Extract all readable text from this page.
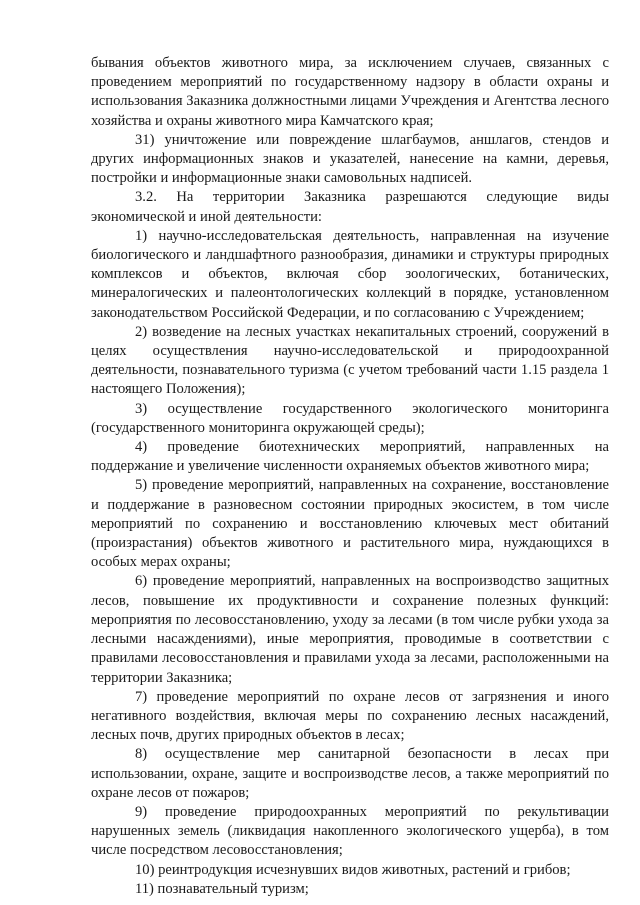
бывания объектов животного мира, за исключением случаев, связанных с проведением мероприятий по государственному надзору в области охраны и использования Заказника должностными лицами Учреждения и Агентства лесного хозяйства и охраны животного мира Камчатского края;

31) уничтожение или повреждение шлагбаумов, аншлагов, стендов и других информационных знаков и указателей, нанесение на камни, деревья, постройки и информационные знаки самовольных надписей.

3.2. На территории Заказника разрешаются следующие виды экономической и иной деятельности:

1) научно-исследовательская деятельность, направленная на изучение биологического и ландшафтного разнообразия, динамики и структуры природных комплексов и объектов, включая сбор зоологических, ботанических, минералогических и палеонтологических коллекций в порядке, установленном законодательством Российской Федерации, и по согласованию с Учреждением;

2) возведение на лесных участках некапитальных строений, сооружений в целях осуществления научно-исследовательской и природоохранной деятельности, познавательного туризма (с учетом требований части 1.15 раздела 1 настоящего Положения);

3) осуществление государственного экологического мониторинга (государственного мониторинга окружающей среды);

4) проведение биотехнических мероприятий, направленных на поддержание и увеличение численности охраняемых объектов животного мира;

5) проведение мероприятий, направленных на сохранение, восстановление и поддержание в разновесном состоянии природных экосистем, в том числе мероприятий по сохранению и восстановлению ключевых мест обитаний (произрастания) объектов животного и растительного мира, нуждающихся в особых мерах охраны;

6) проведение мероприятий, направленных на воспроизводство защитных лесов, повышение их продуктивности и сохранение полезных функций: мероприятия по лесовосстановлению, уходу за лесами (в том числе рубки ухода за лесными насаждениями), иные мероприятия, проводимые в соответствии с правилами лесовосстановления и правилами ухода за лесами, расположенными на территории Заказника;

7) проведение мероприятий по охране лесов от загрязнения и иного негативного воздействия, включая меры по сохранению лесных насаждений, лесных почв, других природных объектов в лесах;

8) осуществление мер санитарной безопасности в лесах при использовании, охране, защите и воспроизводстве лесов, а также мероприятий по охране лесов от пожаров;

9) проведение природоохранных мероприятий по рекультивации нарушенных земель (ликвидация накопленного экологического ущерба), в том числе посредством лесовосстановления;

10) реинтродукция исчезнувших видов животных, растений и грибов;

11) познавательный туризм;
